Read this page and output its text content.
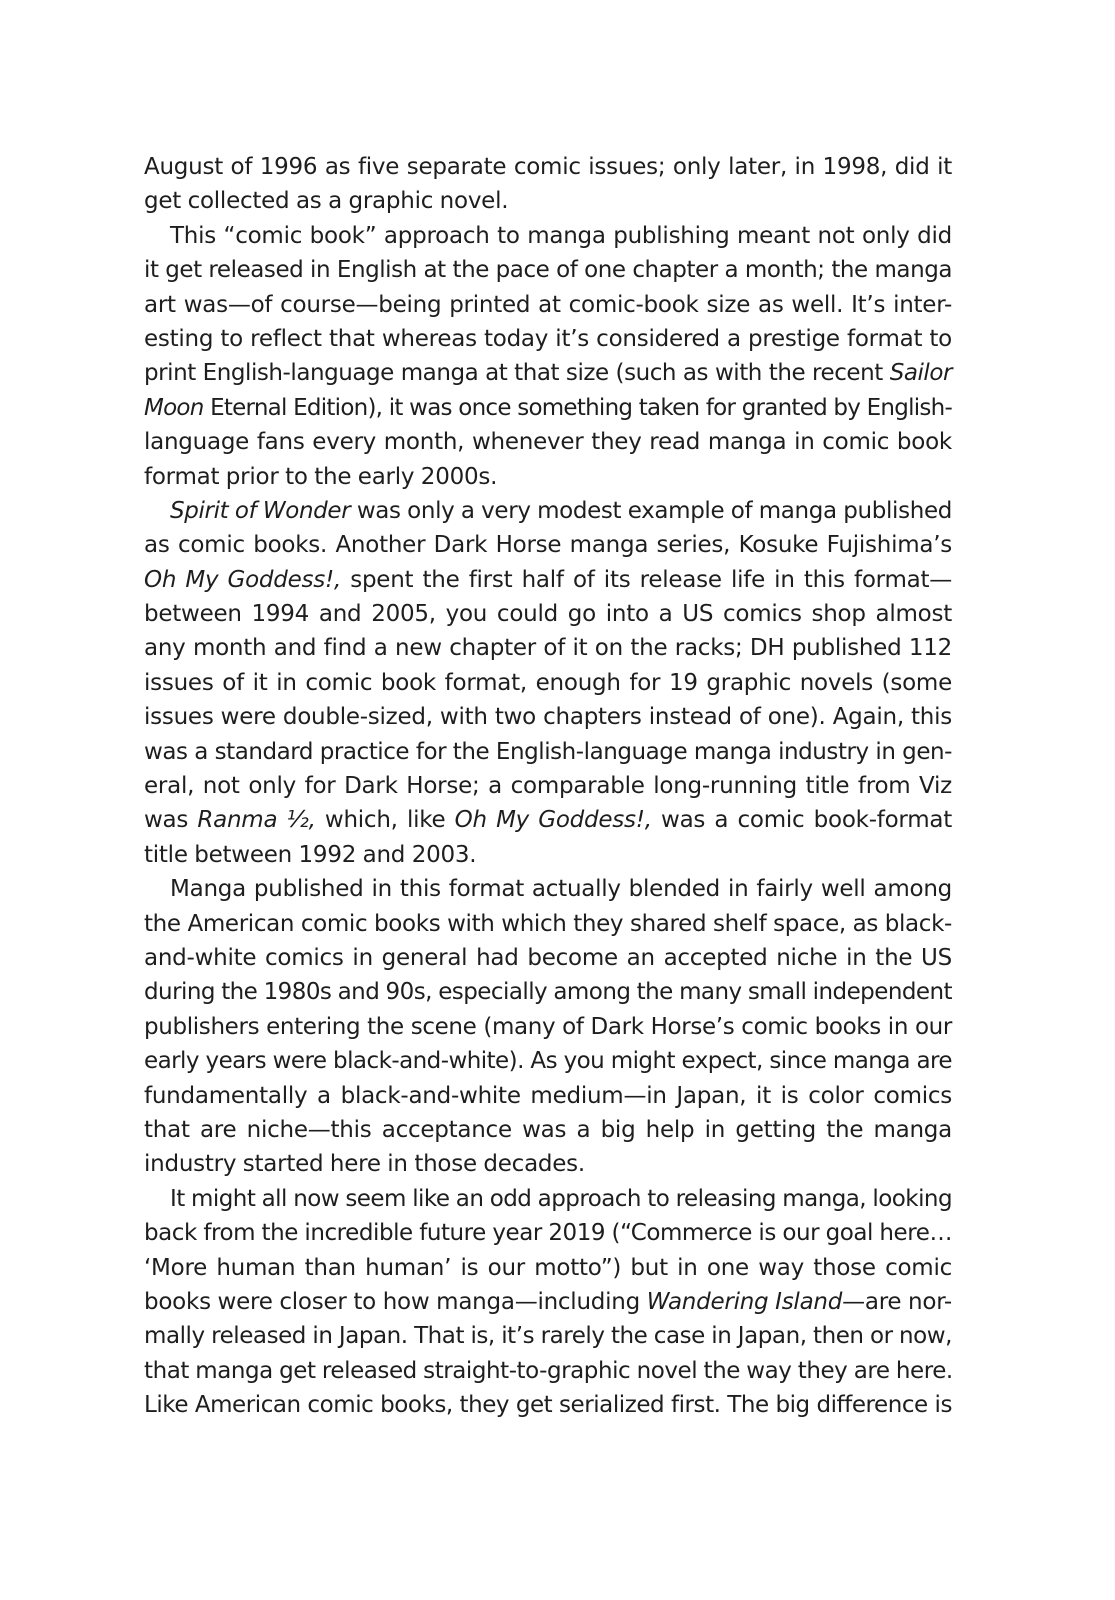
August of 1996 as five separate comic issues; only later, in 1998, did it
get collected as a graphic novel.
This “comic book” approach to manga publishing meant not only did
it get released in English at the pace of one chapter a month; the manga
art was—of course—being printed at comic-book size as well. It’s inter-
esting to reflect that whereas today it’s considered a prestige format to
print English-language manga at that size (such as with the recent Sailor
Moon Eternal Edition), it was once something taken for granted by English-
language fans every month, whenever they read manga in comic book
format prior to the early 2000s.
Spirit of Wonder was only a very modest example of manga published
as comic books. Another Dark Horse manga series, Kosuke Fujishima’s
Oh My Goddess!, spent the first half of its release life in this format—
between 1994 and 2005, you could go into a US comics shop almost
any month and find a new chapter of it on the racks; DH published 112
issues of it in comic book format, enough for 19 graphic novels (some
issues were double-sized, with two chapters instead of one). Again, this
was a standard practice for the English-language manga industry in gen-
eral, not only for Dark Horse; a comparable long-running title from Viz
was Ranma ½, which, like Oh My Goddess!, was a comic book-format
title between 1992 and 2003.
Manga published in this format actually blended in fairly well among
the American comic books with which they shared shelf space, as black-
and-white comics in general had become an accepted niche in the US
during the 1980s and 90s, especially among the many small independent
publishers entering the scene (many of Dark Horse’s comic books in our
early years were black-and-white). As you might expect, since manga are
fundamentally a black-and-white medium—in Japan, it is color comics
that are niche—this acceptance was a big help in getting the manga
industry started here in those decades.
It might all now seem like an odd approach to releasing manga, looking
back from the incredible future year 2019 (“Commerce is our goal here…
‘More human than human’ is our motto”) but in one way those comic
books were closer to how manga—including Wandering Island—are nor-
mally released in Japan. That is, it’s rarely the case in Japan, then or now,
that manga get released straight-to-graphic novel the way they are here.
Like American comic books, they get serialized first. The big difference is
